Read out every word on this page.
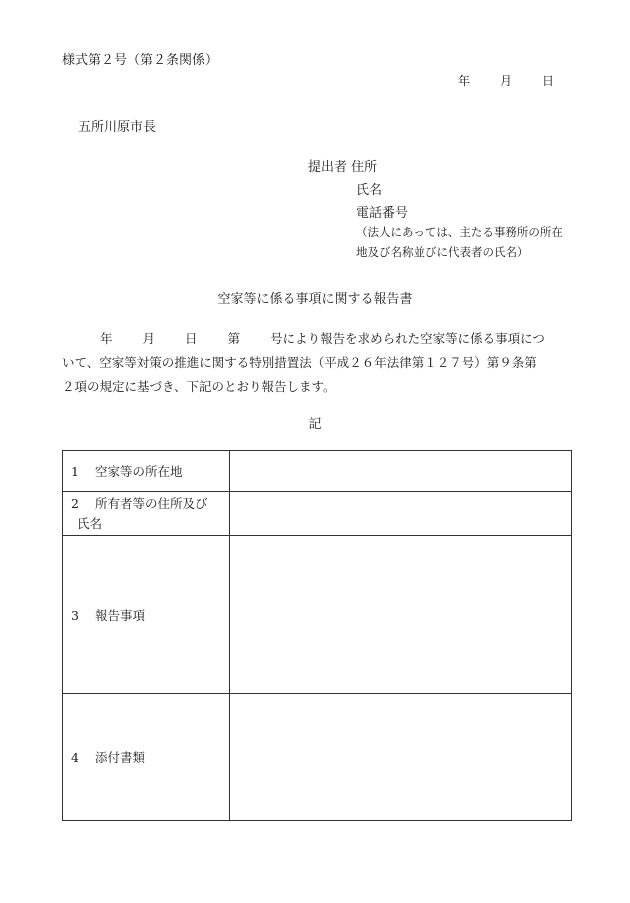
様式第２号（第２条関係）
年	月	日
五所川原市長
提出者 住所
氏名
電話番号
（法人にあっては、主たる事務所の所在
地及び名称並びに代表者の氏名）
空家等に係る事項に関する報告書
年 月 日 第 号により報告を求められた空家等に係る事項につ
いて、空家等対策の推進に関する特別措置法（平成２６年法律第１２７号）第９条第
２項の規定に基づき、下記のとおり報告します。
記
1 空家等の所在地	
2 所有者等の住所及び
氏名	
3 報告事項	
4 添付書類	
